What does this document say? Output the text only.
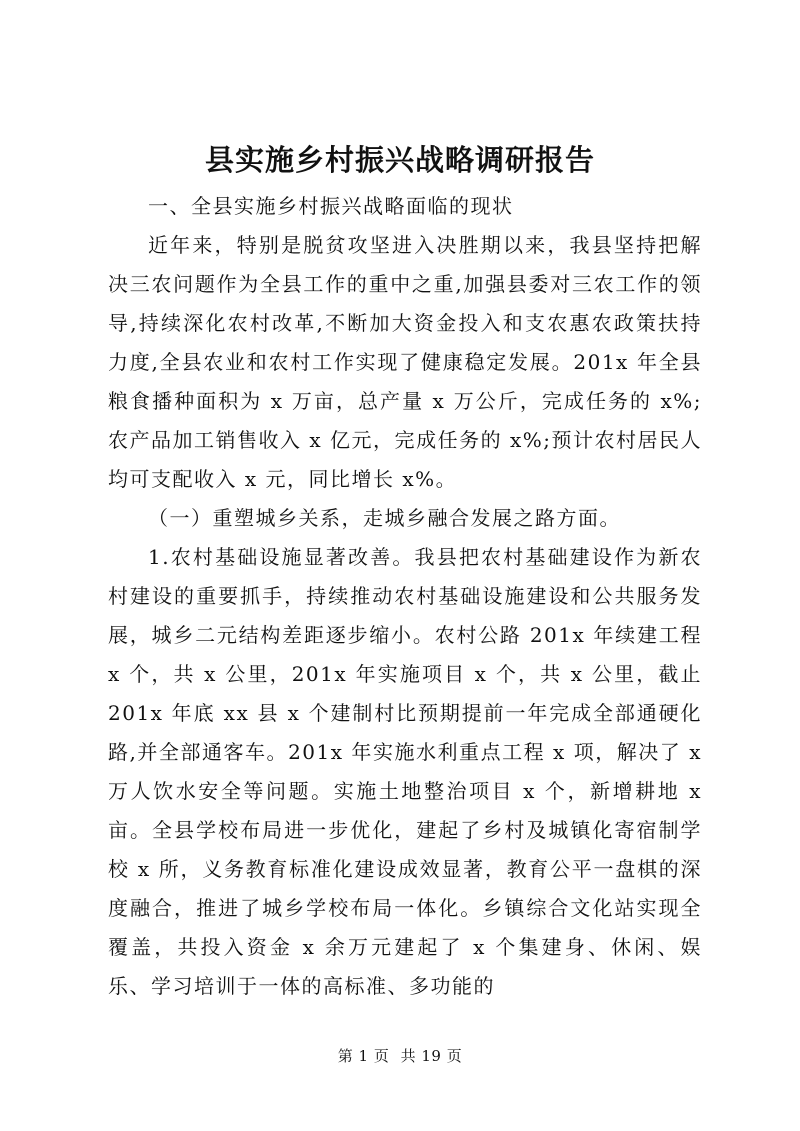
县实施乡村振兴战略调研报告

一、全县实施乡村振兴战略面临的现状

近年来，特别是脱贫攻坚进入决胜期以来，我县坚持把解决三农问题作为全县工作的重中之重,加强县委对三农工作的领导,持续深化农村改革,不断加大资金投入和支农惠农政策扶持力度,全县农业和农村工作实现了健康稳定发展。201x 年全县粮食播种面积为 x 万亩，总产量 x 万公斤，完成任务的 x%;农产品加工销售收入 x 亿元，完成任务的 x%;预计农村居民人均可支配收入 x 元，同比增长 x%。

（一）重塑城乡关系，走城乡融合发展之路方面。

1.农村基础设施显著改善。我县把农村基础建设作为新农村建设的重要抓手，持续推动农村基础设施建设和公共服务发展，城乡二元结构差距逐步缩小。农村公路 201x 年续建工程 x 个，共 x 公里，201x 年实施项目 x 个，共 x 公里，截止 201x 年底 xx 县 x 个建制村比预期提前一年完成全部通硬化路,并全部通客车。201x 年实施水利重点工程 x 项，解决了 x 万人饮水安全等问题。实施土地整治项目 x 个，新增耕地 x 亩。全县学校布局进一步优化，建起了乡村及城镇化寄宿制学校 x 所，义务教育标准化建设成效显著，教育公平一盘棋的深度融合，推进了城乡学校布局一体化。乡镇综合文化站实现全覆盖，共投入资金 x 余万元建起了 x 个集建身、休闲、娱乐、学习培训于一体的高标准、多功能的

第 1 页 共 19 页
